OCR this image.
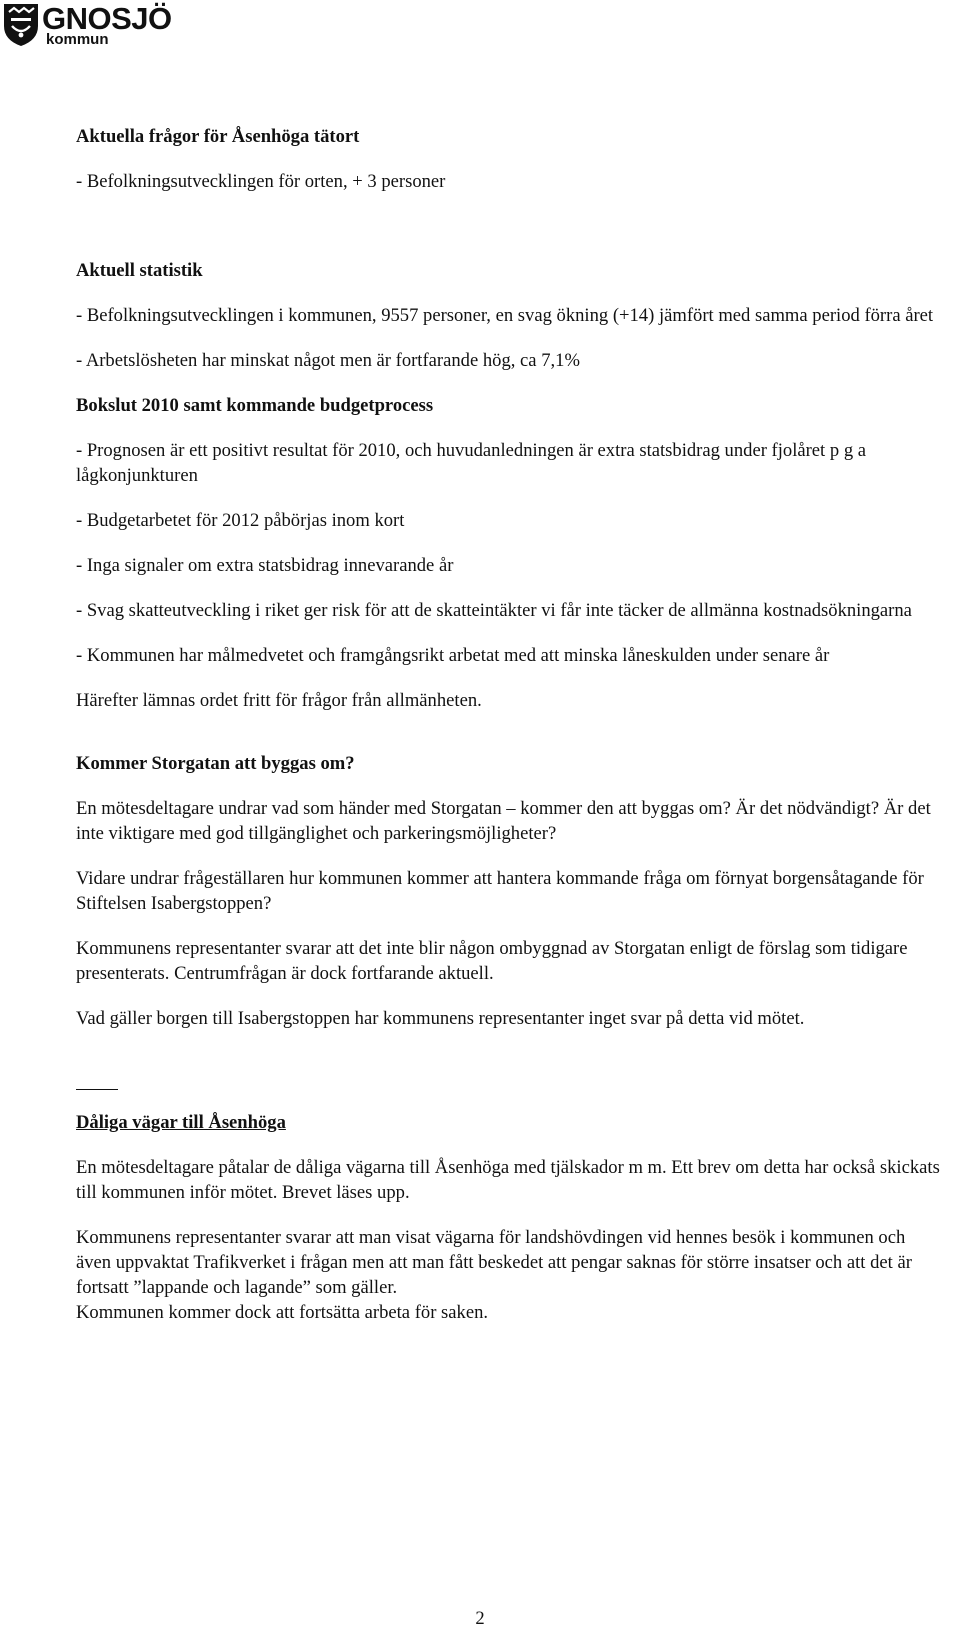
GNOSJÖ
kommun
Aktuella frågor för Åsenhöga tätort

- Befolkningsutvecklingen för orten, + 3 personer

Aktuell statistik

- Befolkningsutvecklingen i kommunen, 9557 personer, en svag ökning (+14) jämfört med samma period förra året

- Arbetslösheten har minskat något men är fortfarande hög, ca 7,1%

Bokslut 2010 samt kommande budgetprocess

- Prognosen är ett positivt resultat för 2010, och huvudanledningen är extra statsbidrag under fjolåret p g a lågkonjunkturen

- Budgetarbetet för 2012 påbörjas inom kort

- Inga signaler om extra statsbidrag innevarande år

- Svag skatteutveckling i riket ger risk för att de skatteintäkter vi får inte täcker de allmänna kostnadsökningarna

- Kommunen har målmedvetet och framgångsrikt arbetat med att minska låneskulden under senare år

Härefter lämnas ordet fritt för frågor från allmänheten.

Kommer Storgatan att byggas om?

En mötesdeltagare undrar vad som händer med Storgatan – kommer den att byggas om? Är det nödvändigt? Är det inte viktigare med god tillgänglighet och parkeringsmöjligheter?

Vidare undrar frågeställaren hur kommunen kommer att hantera kommande fråga om förnyat borgensåtagande för Stiftelsen Isabergstoppen?

Kommunens representanter svarar att det inte blir någon ombyggnad av Storgatan enligt de förslag som tidigare presenterats. Centrumfrågan är dock fortfarande aktuell.

Vad gäller borgen till Isabergstoppen har kommunens representanter inget svar på detta vid mötet.

Dåliga vägar till Åsenhöga

En mötesdeltagare påtalar de dåliga vägarna till Åsenhöga med tjälskador m m. Ett brev om detta har också skickats till kommunen inför mötet. Brevet läses upp.

Kommunens representanter svarar att man visat vägarna för landshövdingen vid hennes besök i kommunen och även uppvaktat Trafikverket i frågan men att man fått beskedet att pengar saknas för större insatser och att det är fortsatt ”lappande och lagande” som gäller.

Kommunen kommer dock att fortsätta arbeta för saken.

2
